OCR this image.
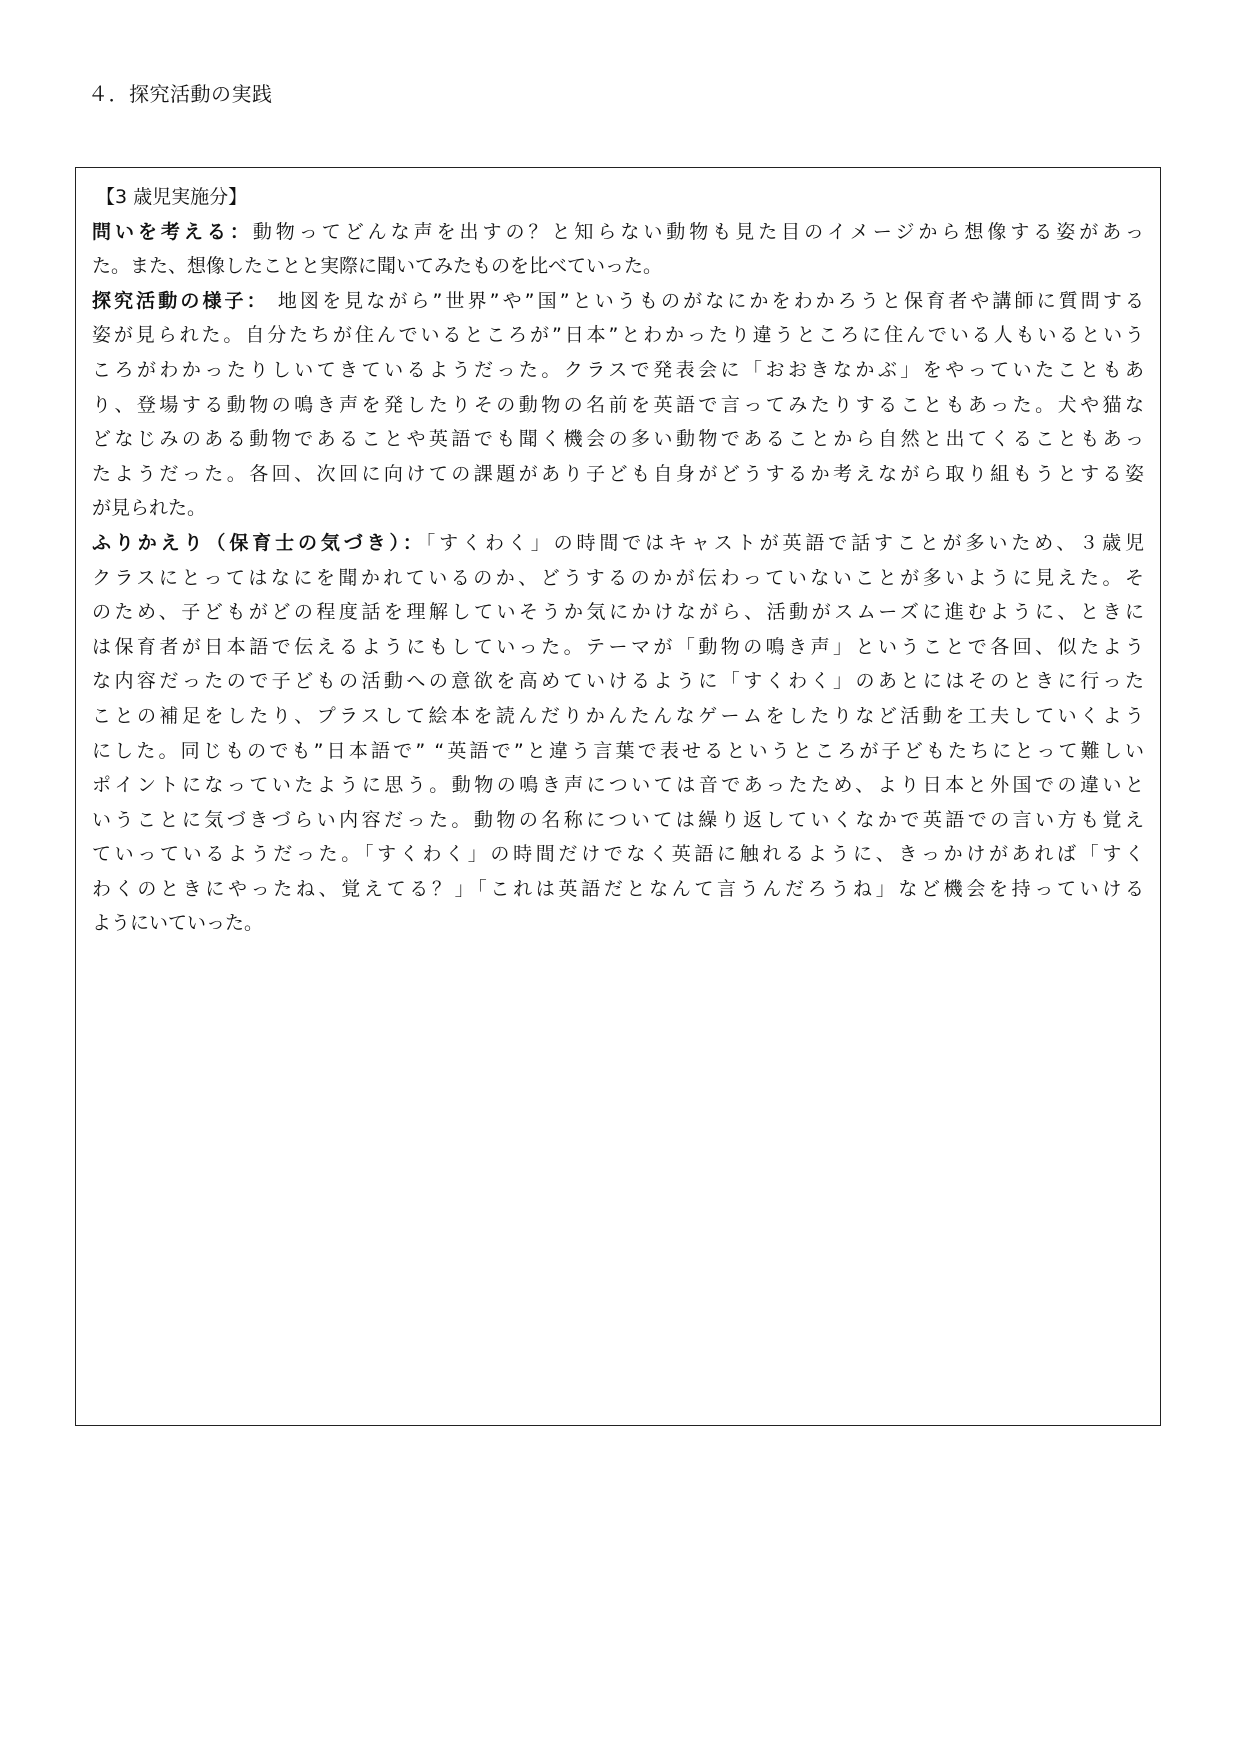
４．探究活動の実践
【3 歳児実施分】
問いを考える：動物ってどんな声を出すの？と知らない動物も見た目のイメージから想像する姿があっ
た。また、想像したことと実際に聞いてみたものを比べていった。
探究活動の様子： 地図を見ながら”世界”や”国”というものがなにかをわかろうと保育者や講師に質問する
姿が見られた。自分たちが住んでいるところが”日本”とわかったり違うところに住んでいる人もいるという
ころがわかったりしいてきているようだった。クラスで発表会に「おおきなかぶ」をやっていたこともあ
り、登場する動物の鳴き声を発したりその動物の名前を英語で言ってみたりすることもあった。犬や猫な
どなじみのある動物であることや英語でも聞く機会の多い動物であることから自然と出てくることもあっ
たようだった。各回、次回に向けての課題があり子ども自身がどうするか考えながら取り組もうとする姿
が見られた。
ふりかえり（保育士の気づき）：「すくわく」の時間ではキャストが英語で話すことが多いため、３歳児
クラスにとってはなにを聞かれているのか、どうするのかが伝わっていないことが多いように見えた。そ
のため、子どもがどの程度話を理解していそうか気にかけながら、活動がスムーズに進むように、ときに
は保育者が日本語で伝えるようにもしていった。テーマが「動物の鳴き声」ということで各回、似たよう
な内容だったので子どもの活動への意欲を高めていけるように「すくわく」のあとにはそのときに行った
ことの補足をしたり、プラスして絵本を読んだりかんたんなゲームをしたりなど活動を工夫していくよう
にした。同じものでも”日本語で” “英語で”と違う言葉で表せるというところが子どもたちにとって難しい
ポイントになっていたように思う。動物の鳴き声については音であったため、より日本と外国での違いと
いうことに気づきづらい内容だった。動物の名称については繰り返していくなかで英語での言い方も覚え
ていっているようだった。「すくわく」の時間だけでなく英語に触れるように、きっかけがあれば「すく
わくのときにやったね、覚えてる？」「これは英語だとなんて言うんだろうね」など機会を持っていける
ようにいていった。
